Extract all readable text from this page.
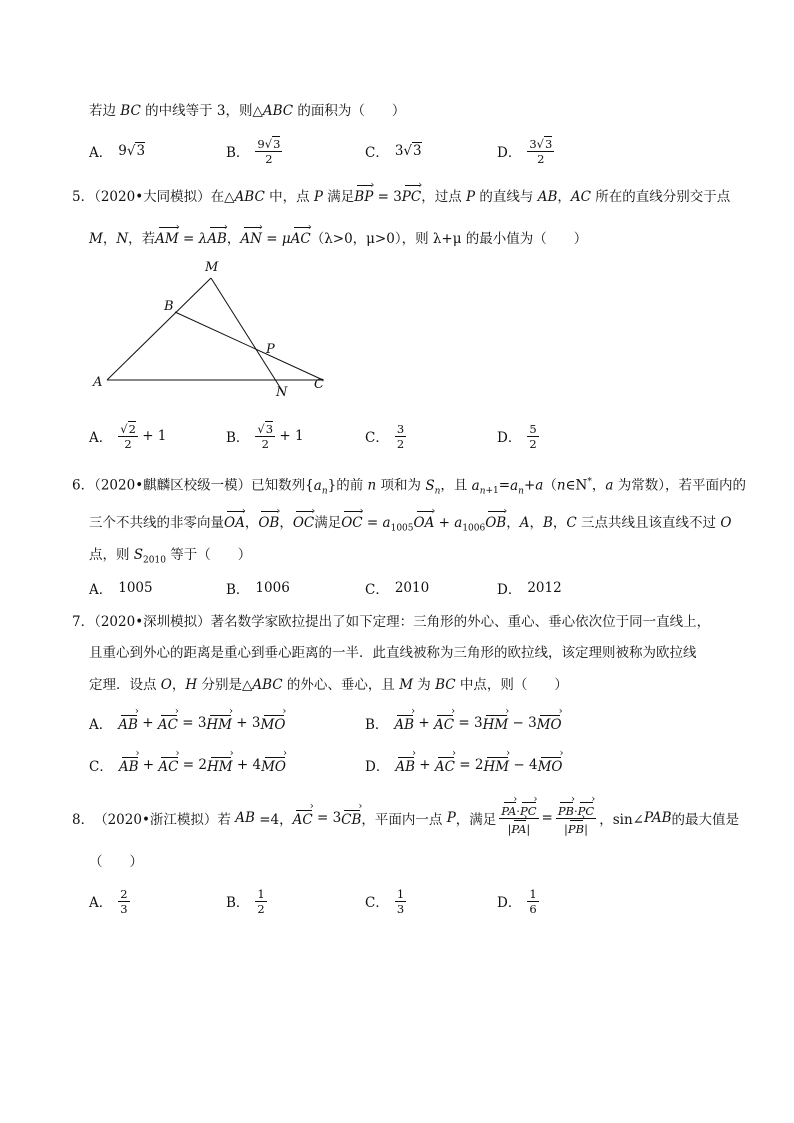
若边 BC 的中线等于 3，则△ABC 的面积为（　　）
A． 9√3	B． $\frac{9√3}{2}$	C． 3√3	D． $\frac{3√3}{2}$
5．（2020•大同模拟）在△ABC 中，点 P 满足BP › = 3PC ›，过点 P 的直线与 AB，AC 所在的直线分别交于点
M，N，若AM › = λAB ›，AN › = μAC ›（λ>0，μ>0），则 λ+μ 的最小值为（　　）
A
B
C
M
N
P
A． $\frac{√2}{2}$
+ 1	B． $\frac{√3}{2}$
+ 1	C． $\frac{3}{2}$	D． $\frac{5}{2}$
6．（2020•麒麟区校级一模）已知数列$\{a_n\}$的前 n 项和为 $S_n$，且 $a_{n+1}=a_n+a(n\in N^*$，a 为常数），若平面内的
三个不共线的非零向量OA ›，OB ›，OC ›满足OC › = $a_{1005}OA$ › + $a_{1006}OB$ ›，A，B，C 三点共线且该直线不过 O
点，则 $S_{2010}$ 等于（　　）
A． 1005	B． 1006	C． 2010	D． 2012
7．（2020•深圳模拟）著名数学家欧拉提出了如下定理：三角形的外心、重心、垂心依次位于同一直线上，
且重心到外心的距离是重心到垂心距离的一半．此直线被称为三角形的欧拉线，该定理则被称为欧拉线
定理．设点 O，H 分别是△ABC 的外心、垂心，且 M 为 BC 中点，则（　　）
A． AB › + AC › = 3 HM › + 3 MO ›	B． AB › + AC › = 3 HM › − 3 MO ›
C． AB › + AC › = 2 HM › + 4 MO ›	D． AB › + AC › = 2 HM › − 4 MO ›
8． （2020•浙江模拟） 若 AB =4， AC › = 3 CB › ，平面内一点 P ，满足 $\frac{PA ›\cdot PC ›}{|PA ›|} = \frac{PB ›\cdot PC ›}{|PB ›|}$ ，sin∠ PAB 的最大值是
（　　）
A． $\frac{2}{3}$	B． $\frac{1}{2}$	C． $\frac{1}{3}$	D． $\frac{1}{6}$
